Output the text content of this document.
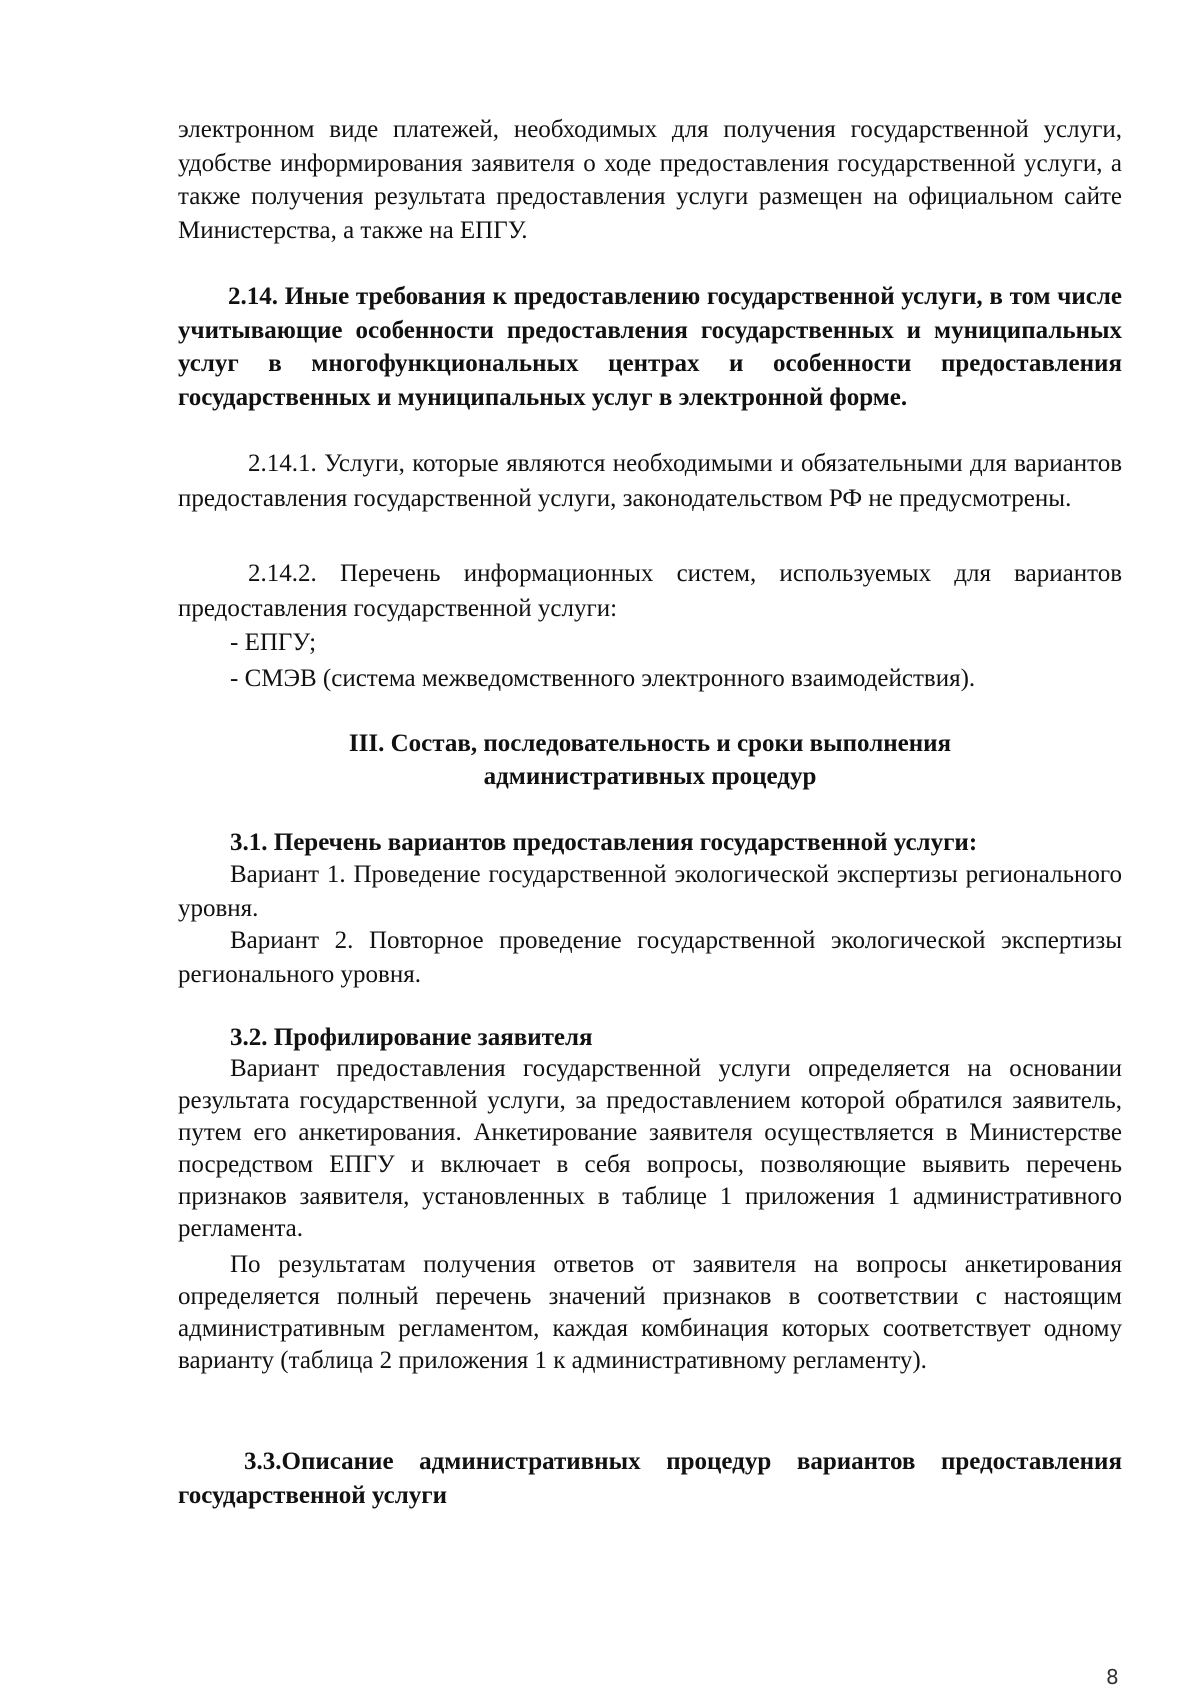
электронном виде платежей, необходимых для получения государственной услуги, удобстве информирования заявителя о ходе предоставления государственной услуги, а также получения результата предоставления услуги размещен на официальном сайте Министерства, а также на ЕПГУ.

2.14. Иные требования к предоставлению государственной услуги, в том числе учитывающие особенности предоставления государственных и муниципальных услуг в многофункциональных центрах и особенности предоставления государственных и муниципальных услуг в электронной форме.

2.14.1. Услуги, которые являются необходимыми и обязательными для вариантов предоставления государственной услуги, законодательством РФ не предусмотрены.

2.14.2. Перечень информационных систем, используемых для вариантов предоставления государственной услуги:

- ЕПГУ;
- СМЭВ (система межведомственного электронного взаимодействия).
III. Состав, последовательность и сроки выполнения
административных процедур
3.1. Перечень вариантов предоставления государственной услуги:

Вариант 1. Проведение государственной экологической экспертизы регионального уровня.

Вариант 2. Повторное проведение государственной экологической экспертизы регионального уровня.

3.2. Профилирование заявителя

Вариант предоставления государственной услуги определяется на основании результата государственной услуги, за предоставлением которой обратился заявитель, путем его анкетирования. Анкетирование заявителя осуществляется в Министерстве посредством ЕПГУ и включает в себя вопросы, позволяющие выявить перечень признаков заявителя, установленных в таблице 1 приложения 1 административного регламента.

По результатам получения ответов от заявителя на вопросы анкетирования определяется полный перечень значений признаков в соответствии с настоящим административным регламентом, каждая комбинация которых соответствует одному варианту (таблица 2 приложения 1 к административному регламенту).

3.3.Описание административных процедур вариантов предоставления государственной услуги

8
